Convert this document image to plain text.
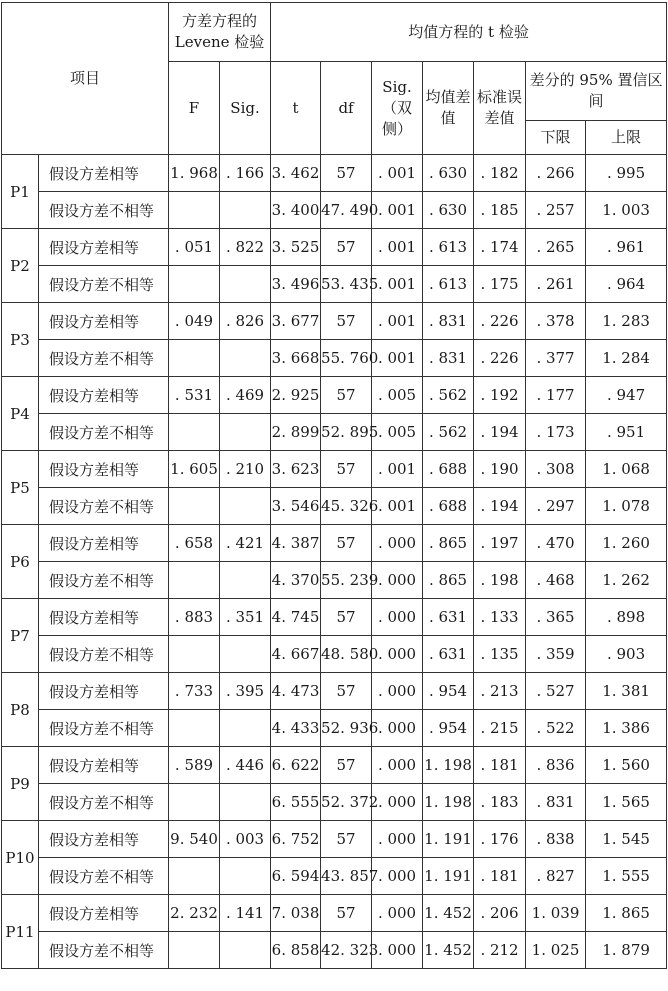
项目		方差方程的 Levene 检验		均值方程的 t 检验						
		F	Sig.	t	df	Sig.（双侧）	均值差值	标准误差值	差分的 95% 置信区间	
									下限	上限
P1	假设方差相等	1. 968	. 166	3. 462	57	. 001	. 630	. 182	. 266	. 995
	假设方差不相等			3. 400	47. 490	. 001	. 630	. 185	. 257	1. 003
P2	假设方差相等	. 051	. 822	3. 525	57	. 001	. 613	. 174	. 265	. 961
	假设方差不相等			3. 496	53. 435	. 001	. 613	. 175	. 261	. 964
P3	假设方差相等	. 049	. 826	3. 677	57	. 001	. 831	. 226	. 378	1. 283
	假设方差不相等			3. 668	55. 760	. 001	. 831	. 226	. 377	1. 284
P4	假设方差相等	. 531	. 469	2. 925	57	. 005	. 562	. 192	. 177	. 947
	假设方差不相等			2. 899	52. 895	. 005	. 562	. 194	. 173	. 951
P5	假设方差相等	1. 605	. 210	3. 623	57	. 001	. 688	. 190	. 308	1. 068
	假设方差不相等			3. 546	45. 326	. 001	. 688	. 194	. 297	1. 078
P6	假设方差相等	. 658	. 421	4. 387	57	. 000	. 865	. 197	. 470	1. 260
	假设方差不相等			4. 370	55. 239	. 000	. 865	. 198	. 468	1. 262
P7	假设方差相等	. 883	. 351	4. 745	57	. 000	. 631	. 133	. 365	. 898
	假设方差不相等			4. 667	48. 580	. 000	. 631	. 135	. 359	. 903
P8	假设方差相等	. 733	. 395	4. 473	57	. 000	. 954	. 213	. 527	1. 381
	假设方差不相等			4. 433	52. 936	. 000	. 954	. 215	. 522	1. 386
P9	假设方差相等	. 589	. 446	6. 622	57	. 000	1. 198	. 181	. 836	1. 560
	假设方差不相等			6. 555	52. 372	. 000	1. 198	. 183	. 831	1. 565
P10	假设方差相等	9. 540	. 003	6. 752	57	. 000	1. 191	. 176	. 838	1. 545
	假设方差不相等			6. 594	43. 857	. 000	1. 191	. 181	. 827	1. 555
P11	假设方差相等	2. 232	. 141	7. 038	57	. 000	1. 452	. 206	1. 039	1. 865
	假设方差不相等			6. 858	42. 323	. 000	1. 452	. 212	1. 025	1. 879
